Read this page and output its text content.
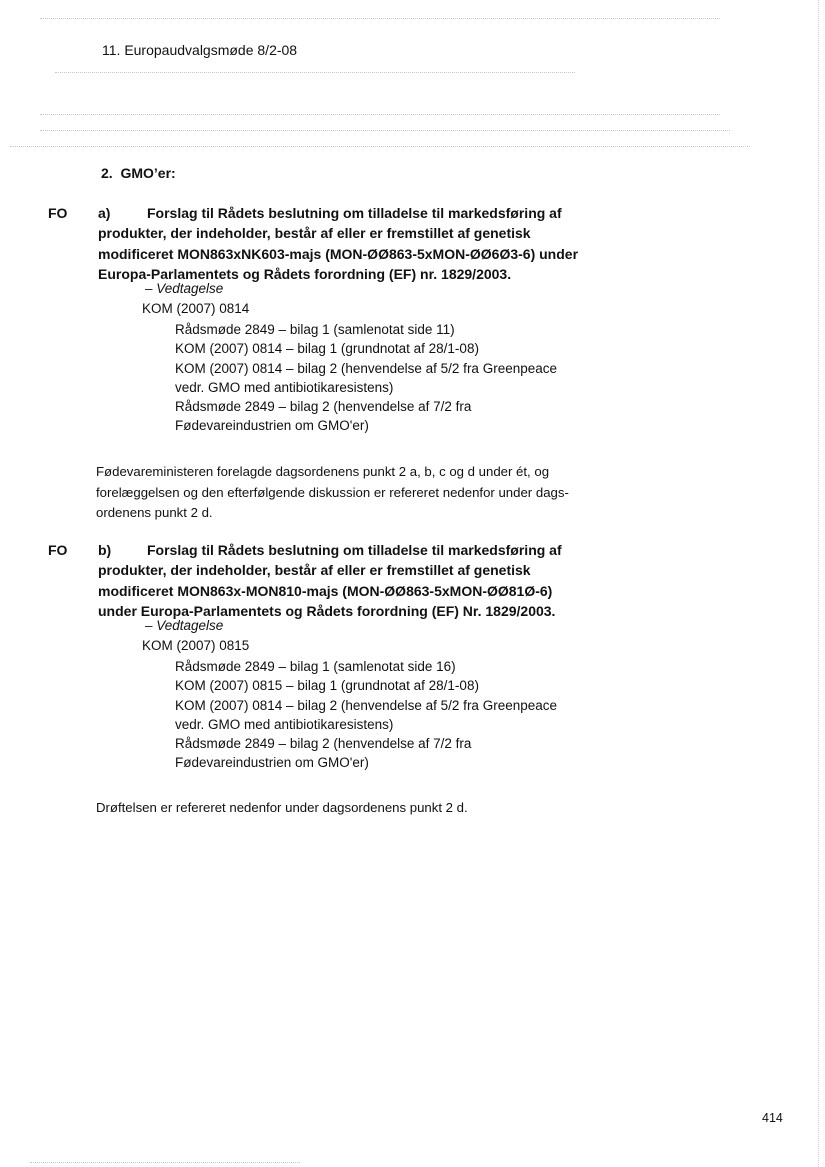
11. Europaudvalgsmøde 8/2-08
2.  GMO’er:
FO a)	Forslag til Rådets beslutning om tilladelse til markedsføring af produkter, der indeholder, består af eller er fremstillet af genetisk modificeret MON863xNK603-majs (MON-ØØ863-5xMON-ØØ6Ø3-6) under Europa-Parlamentets og Rådets forordning (EF) nr. 1829/2003.

– Vedtagelse
KOM (2007) 0814
Rådsmøde 2849 – bilag 1 (samlenotat side 11)
KOM (2007) 0814 – bilag 1 (grundnotat af 28/1-08)
KOM (2007) 0814 – bilag 2 (henvendelse af 5/2 fra Greenpeace vedr. GMO med antibiotikaresistens)
Rådsmøde 2849 – bilag 2 (henvendelse af 7/2 fra Fødevareindustrien om GMO'er)

Fødevareministeren forelagde dagsordenens punkt 2 a, b, c og d under ét, og forelæggelsen og den efterfølgende diskussion er refereret nedenfor under dags-ordenens punkt 2 d.

FO b)	Forslag til Rådets beslutning om tilladelse til markedsføring af produkter, der indeholder, består af eller er fremstillet af genetisk modificeret MON863x-MON810-majs (MON-ØØ863-5xMON-ØØ81Ø-6) under Europa-Parlamentets og Rådets forordning (EF) Nr. 1829/2003.

– Vedtagelse
KOM (2007) 0815
Rådsmøde 2849 – bilag 1 (samlenotat side 16)
KOM (2007) 0815 – bilag 1 (grundnotat af 28/1-08)
KOM (2007) 0814 – bilag 2 (henvendelse af 5/2 fra Greenpeace vedr. GMO med antibiotikaresistens)
Rådsmøde 2849 – bilag 2 (henvendelse af 7/2 fra Fødevareindustrien om GMO'er)

Drøftelsen er refereret nedenfor under dagsordenens punkt 2 d.

414
